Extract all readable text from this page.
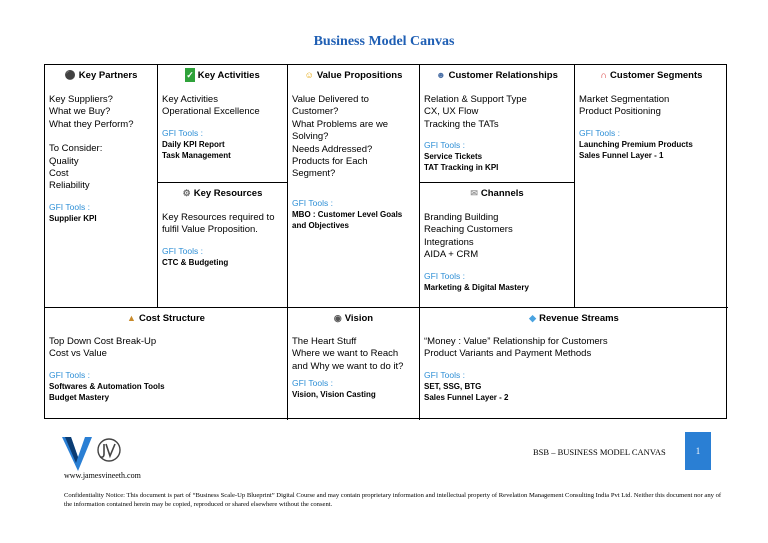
Business Model Canvas
⚫ Key Partners
Key Suppliers?
What we Buy?
What they Perform?
To Consider:
Quality
Cost
Reliability
GFI Tools :
Supplier KPI
✓ Key Activities
Key Activities
Operational Excellence
GFI Tools :
Daily KPI Report
Task Management
⚙ Key Resources
Key Resources required to
fulfil Value Proposition.
GFI Tools :
CTC & Budgeting
☺ Value Propositions
Value Delivered to
Customer?
What Problems are we
Solving?
Needs Addressed?
Products for Each
Segment?
GFI Tools :
MBO : Customer Level Goals
and Objectives
☻ Customer Relationships
Relation & Support Type
CX, UX Flow
Tracking the TATs
GFI Tools :
Service Tickets
TAT Tracking in KPI
✉ Channels
Branding Building
Reaching Customers
Integrations
AIDA + CRM
GFI Tools :
Marketing & Digital Mastery
∩ Customer Segments
Market Segmentation
Product Positioning
GFI Tools :
Launching Premium Products
Sales Funnel Layer - 1
▲ Cost Structure
Top Down Cost Break-Up
Cost vs Value
GFI Tools :
Softwares & Automation Tools
Budget Mastery
◉ Vision
The Heart Stuff
Where we want to Reach
and Why we want to do it?
GFI Tools :
Vision, Vision Casting
◆ Revenue Streams
“Money : Value” Relationship for Customers
Product Variants and Payment Methods
GFI Tools :
SET, SSG, BTG
Sales Funnel Layer - 2
www.jamesvineeth.com
BSB – BUSINESS MODEL CANVAS	1
Confidentiality Notice: This document is part of “Business Scale-Up Blueprint” Digital Course and may contain proprietary information and intellectual property of Revelation Management Consulting India Pvt Ltd. Neither this document nor any of the information contained herein may be copied, reproduced or shared elsewhere without the consent.
